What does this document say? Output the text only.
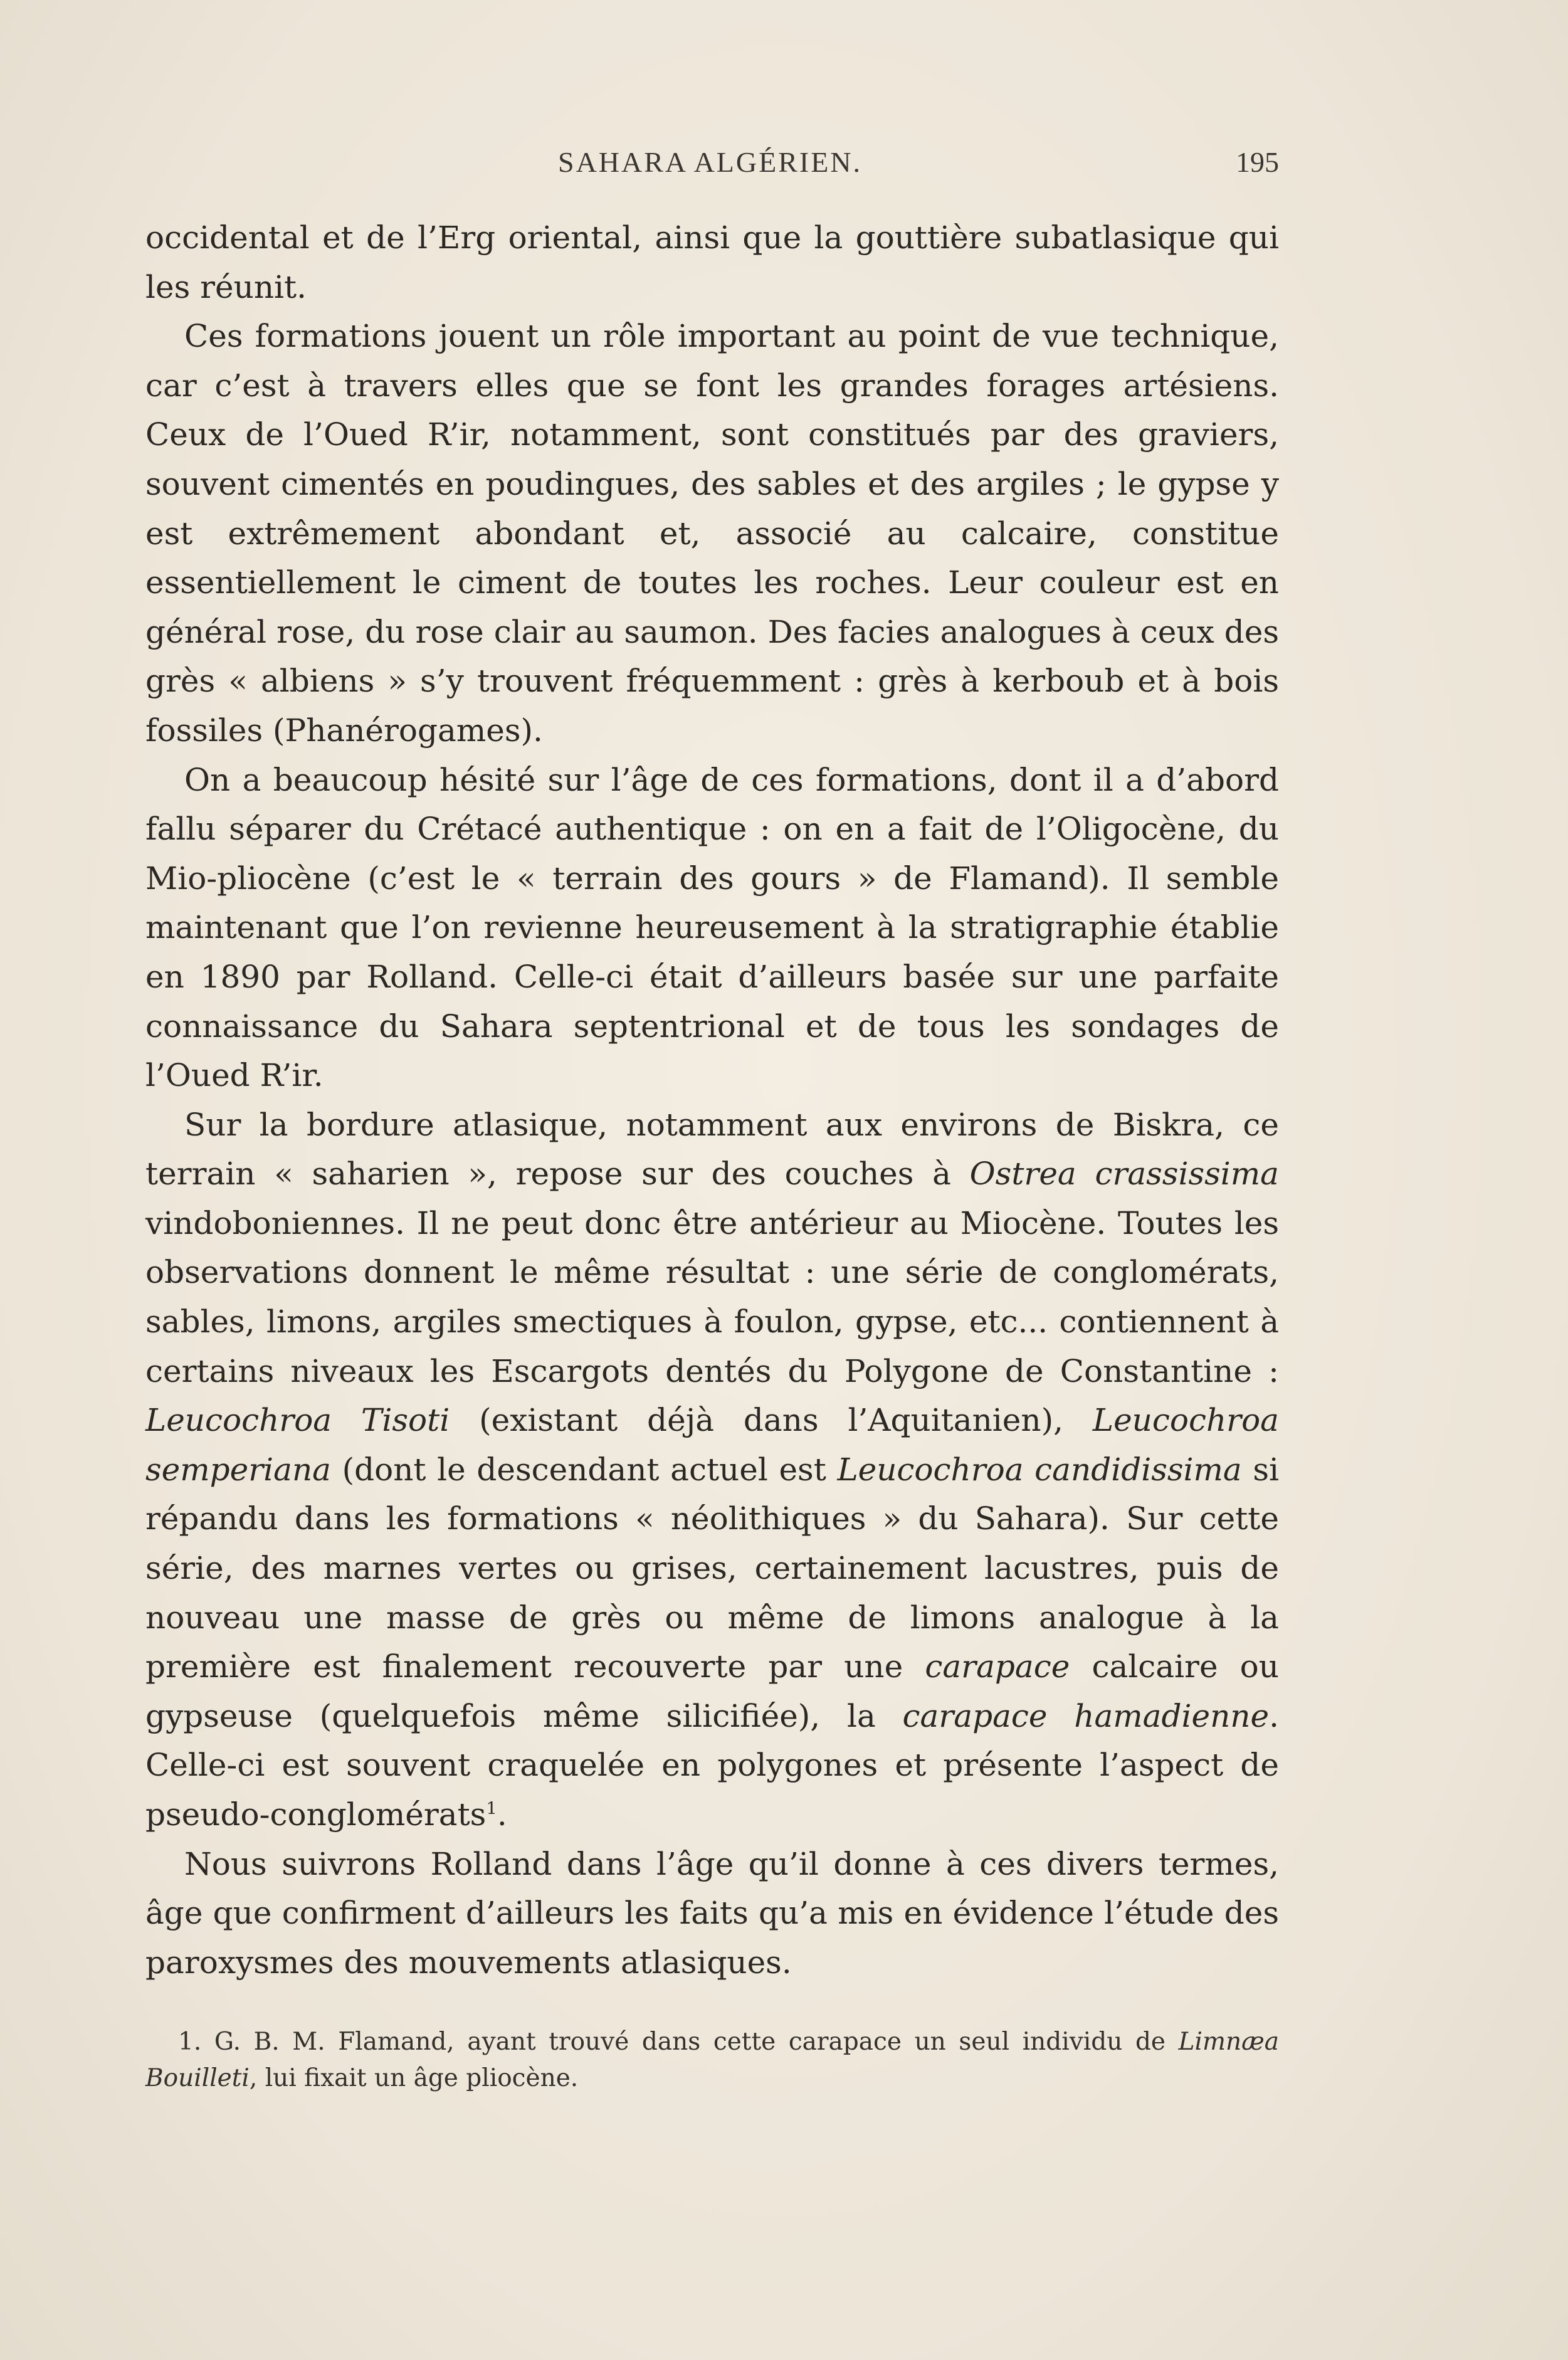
SAHARA ALGÉRIEN.	195

occidental et de l’Erg oriental, ainsi que la gouttière subatlasique qui les réunit.

Ces formations jouent un rôle important au point de vue technique, car c’est à travers elles que se font les grandes forages artésiens. Ceux de l’Oued R’ir, notamment, sont constitués par des graviers, souvent cimentés en poudingues, des sables et des argiles ; le gypse y est extrêmement abondant et, associé au calcaire, constitue essentiellement le ciment de toutes les roches. Leur couleur est en général rose, du rose clair au saumon. Des facies analogues à ceux des grès « albiens » s’y trouvent fréquemment : grès à kerboub et à bois fossiles (Phanérogames).

On a beaucoup hésité sur l’âge de ces formations, dont il a d’abord fallu séparer du Crétacé authentique : on en a fait de l’Oligocène, du Mio-pliocène (c’est le « terrain des gours » de Flamand). Il semble maintenant que l’on revienne heureusement à la stratigraphie établie en 1890 par Rolland. Celle-ci était d’ailleurs basée sur une parfaite connaissance du Sahara septentrional et de tous les sondages de l’Oued R’ir.

Sur la bordure atlasique, notamment aux environs de Biskra, ce terrain « saharien », repose sur des couches à Ostrea crassissima vindoboniennes. Il ne peut donc être antérieur au Miocène. Toutes les observations donnent le même résultat : une série de conglomérats, sables, limons, argiles smectiques à foulon, gypse, etc... contiennent à certains niveaux les Escargots dentés du Polygone de Constantine : Leucochroa Tisoti (existant déjà dans l’Aquitanien), Leucochroa semperiana (dont le descendant actuel est Leucochroa candidissima si répandu dans les formations « néolithiques » du Sahara). Sur cette série, des marnes vertes ou grises, certainement lacustres, puis de nouveau une masse de grès ou même de limons analogue à la première est finalement recouverte par une carapace calcaire ou gypseuse (quelquefois même silicifiée), la carapace hamadienne. Celle-ci est souvent craquelée en polygones et présente l’aspect de pseudo-conglomérats$^1$.

Nous suivrons Rolland dans l’âge qu’il donne à ces divers termes, âge que confirment d’ailleurs les faits qu’a mis en évidence l’étude des paroxysmes des mouvements atlasiques.

1. G. B. M. Flamand, ayant trouvé dans cette carapace un seul individu de Limnæa Bouilleti, lui fixait un âge pliocène.
